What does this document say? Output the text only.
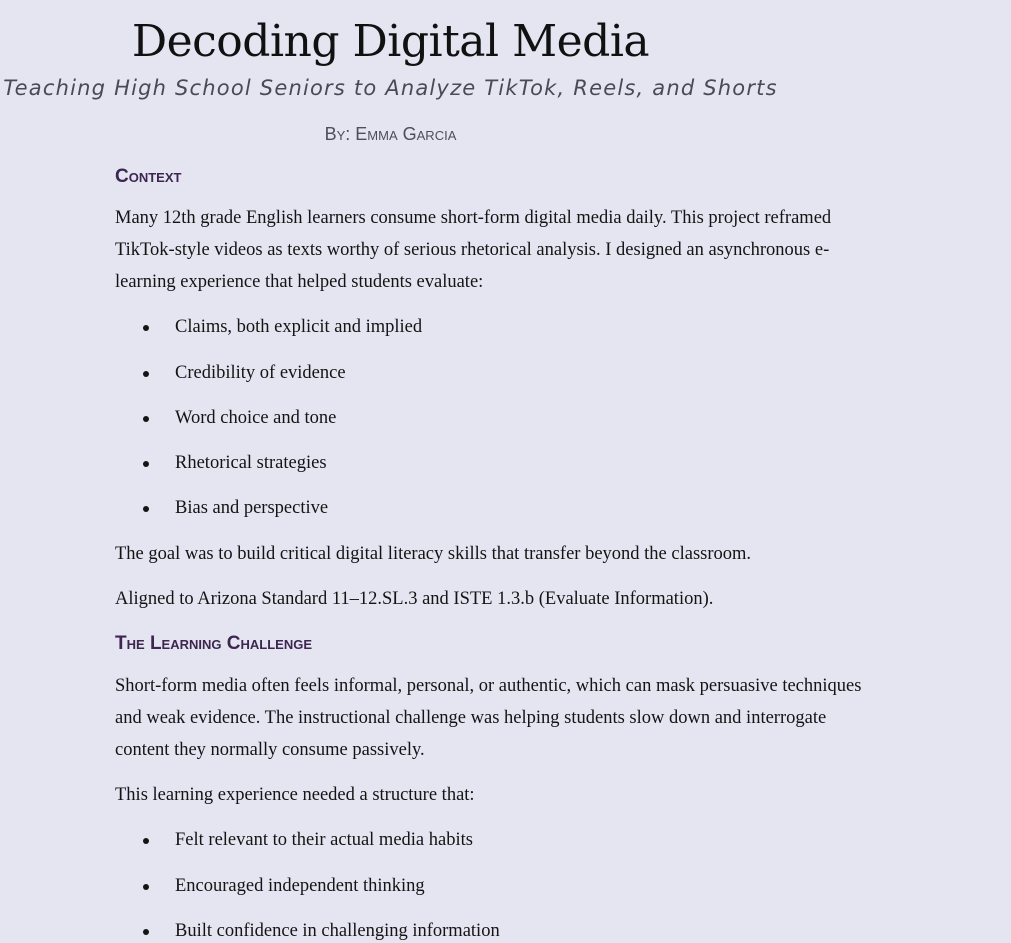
Decoding Digital Media

Teaching High School Seniors to Analyze TikTok, Reels, and Shorts

By: Emma Garcia

Context

Many 12th grade English learners consume short-form digital media daily. This project reframed TikTok-style videos as texts worthy of serious rhetorical analysis. I designed an asynchronous e-learning experience that helped students evaluate:

Claims, both explicit and implied
Credibility of evidence
Word choice and tone
Rhetorical strategies
Bias and perspective

The goal was to build critical digital literacy skills that transfer beyond the classroom.

Aligned to Arizona Standard 11–12.SL.3 and ISTE 1.3.b (Evaluate Information).

The Learning Challenge

Short-form media often feels informal, personal, or authentic, which can mask persuasive techniques and weak evidence. The instructional challenge was helping students slow down and interrogate content they normally consume passively.

This learning experience needed a structure that:

Felt relevant to their actual media habits
Encouraged independent thinking
Built confidence in challenging information
